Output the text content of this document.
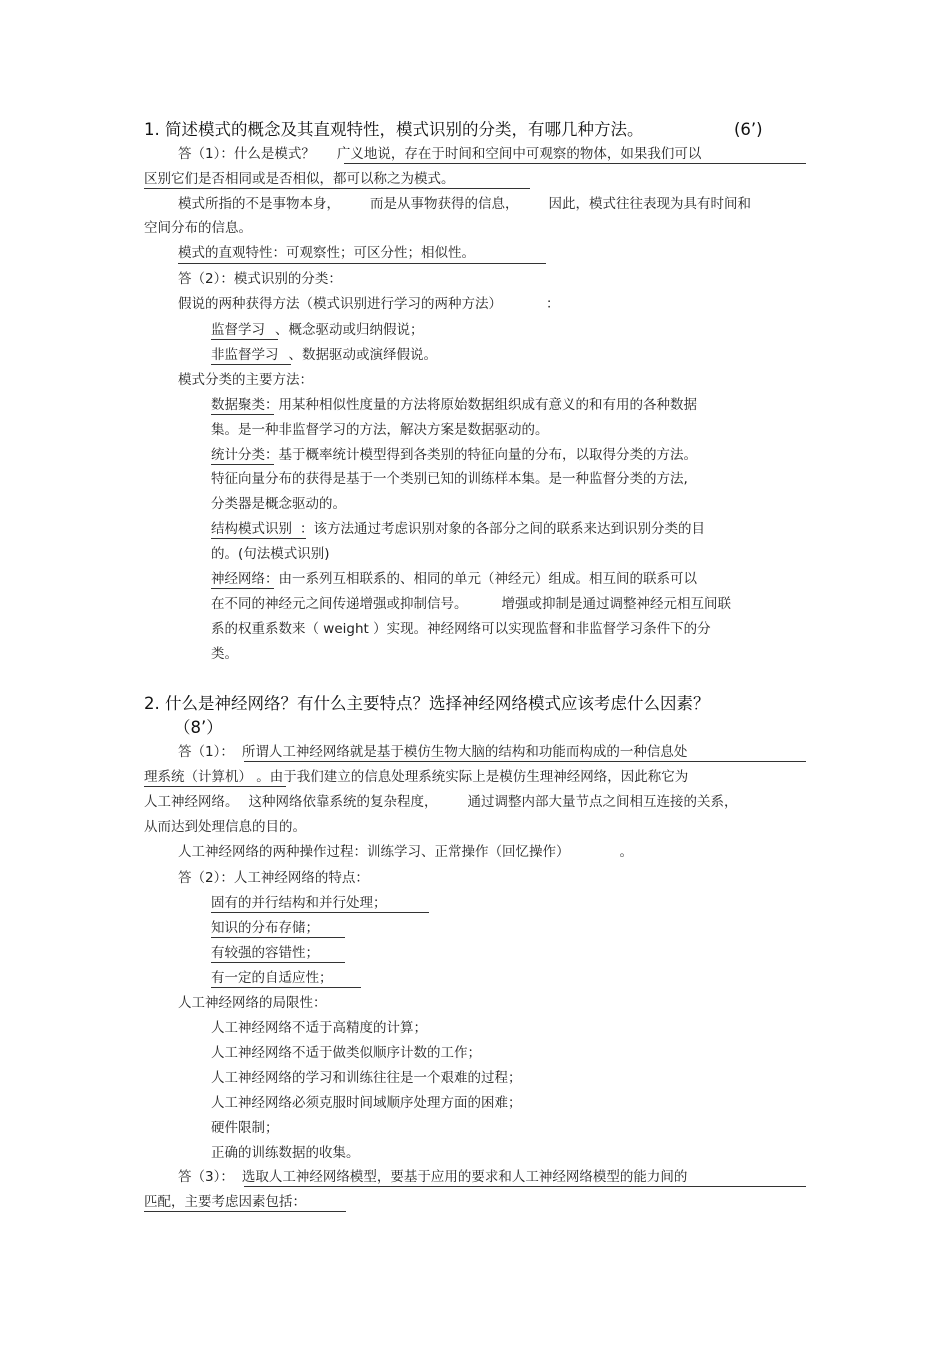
1. 简述模式的概念及其直观特性，模式识别的分类，有哪几种方法。	(6’)
答（1）：什么是模式？ 广义地说，存在于时间和空间中可观察的物体，如果我们可以
区别它们是否相同或是否相似，都可以称之为模式。
模式所指的不是事物本身， 而是从事物获得的信息， 因此，模式往往表现为具有时间和
空间分布的信息。
模式的直观特性：可观察性；可区分性；相似性。
答（2）：模式识别的分类：
假说的两种获得方法（模式识别进行学习的两种方法）	：
监督学习 、概念驱动或归纳假说；
非监督学习 、数据驱动或演绎假说。
模式分类的主要方法：
数据聚类：用某种相似性度量的方法将原始数据组织成有意义的和有用的各种数据
集。是一种非监督学习的方法，解决方案是数据驱动的。
统计分类：基于概率统计模型得到各类别的特征向量的分布，以取得分类的方法。
特征向量分布的获得是基于一个类别已知的训练样本集。是一种监督分类的方法,
分类器是概念驱动的。
结构模式识别 ：该方法通过考虑识别对象的各部分之间的联系来达到识别分类的目
的。(句法模式识别)
神经网络：由一系列互相联系的、相同的单元（神经元）组成。相互间的联系可以
在不同的神经元之间传递增强或抑制信号。	增强或抑制是通过调整神经元相互间联
系的权重系数来（ weight ）实现。神经网络可以实现监督和非监督学习条件下的分
类。
2. 什么是神经网络？有什么主要特点？选择神经网络模式应该考虑什么因素？
（8’）
答（1）： 所谓人工神经网络就是基于模仿生物大脑的结构和功能而构成的一种信息处
理系统（计算机） 。由于我们建立的信息处理系统实际上是模仿生理神经网络，因此称它为
人工神经网络。 这种网络依靠系统的复杂程度， 通过调整内部大量节点之间相互连接的关系，
从而达到处理信息的目的。
人工神经网络的两种操作过程：训练学习、正常操作（回忆操作）	。
答（2）：人工神经网络的特点：
固有的并行结构和并行处理；
知识的分布存储；
有较强的容错性；
有一定的自适应性；
人工神经网络的局限性：
人工神经网络不适于高精度的计算；
人工神经网络不适于做类似顺序计数的工作；
人工神经网络的学习和训练往往是一个艰难的过程；
人工神经网络必须克服时间域顺序处理方面的困难；
硬件限制；
正确的训练数据的收集。
答（3）： 选取人工神经网络模型，要基于应用的要求和人工神经网络模型的能力间的
匹配，主要考虑因素包括：
